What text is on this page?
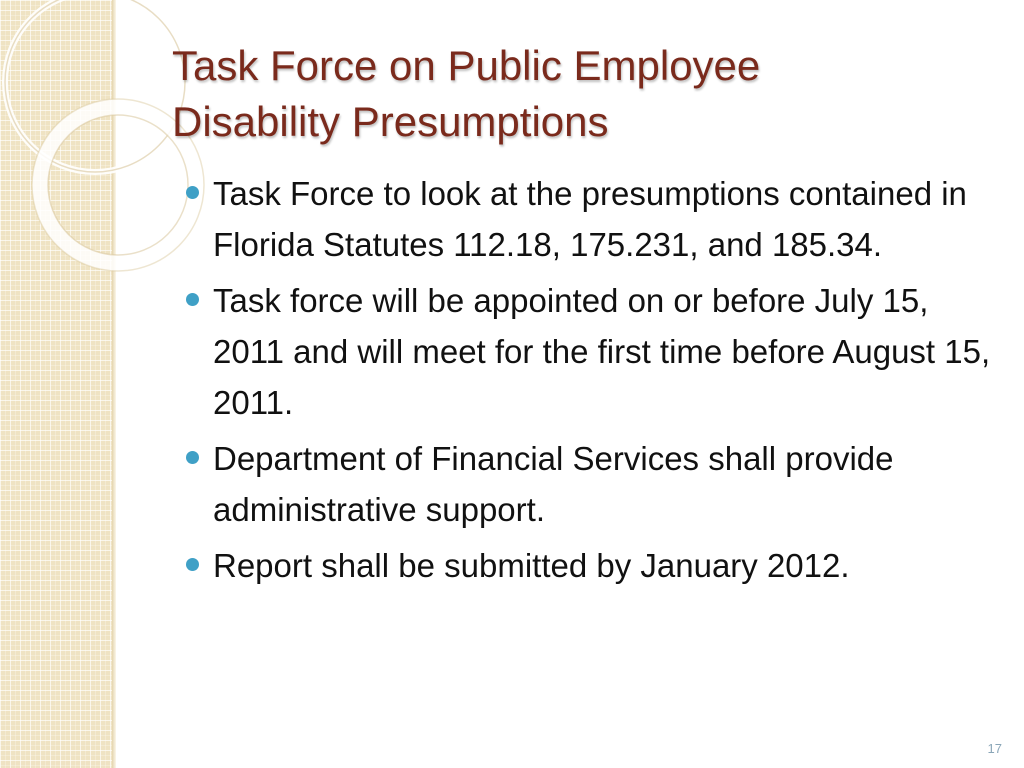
Task Force on Public Employee
Disability Presumptions
Task Force to look at the presumptions contained in Florida Statutes 112.18, 175.231, and 185.34.
Task force will be appointed on or before July 15, 2011 and will meet for the first time before August 15, 2011.
Department of Financial Services shall provide administrative support.
Report shall be submitted by January 2012.
17
